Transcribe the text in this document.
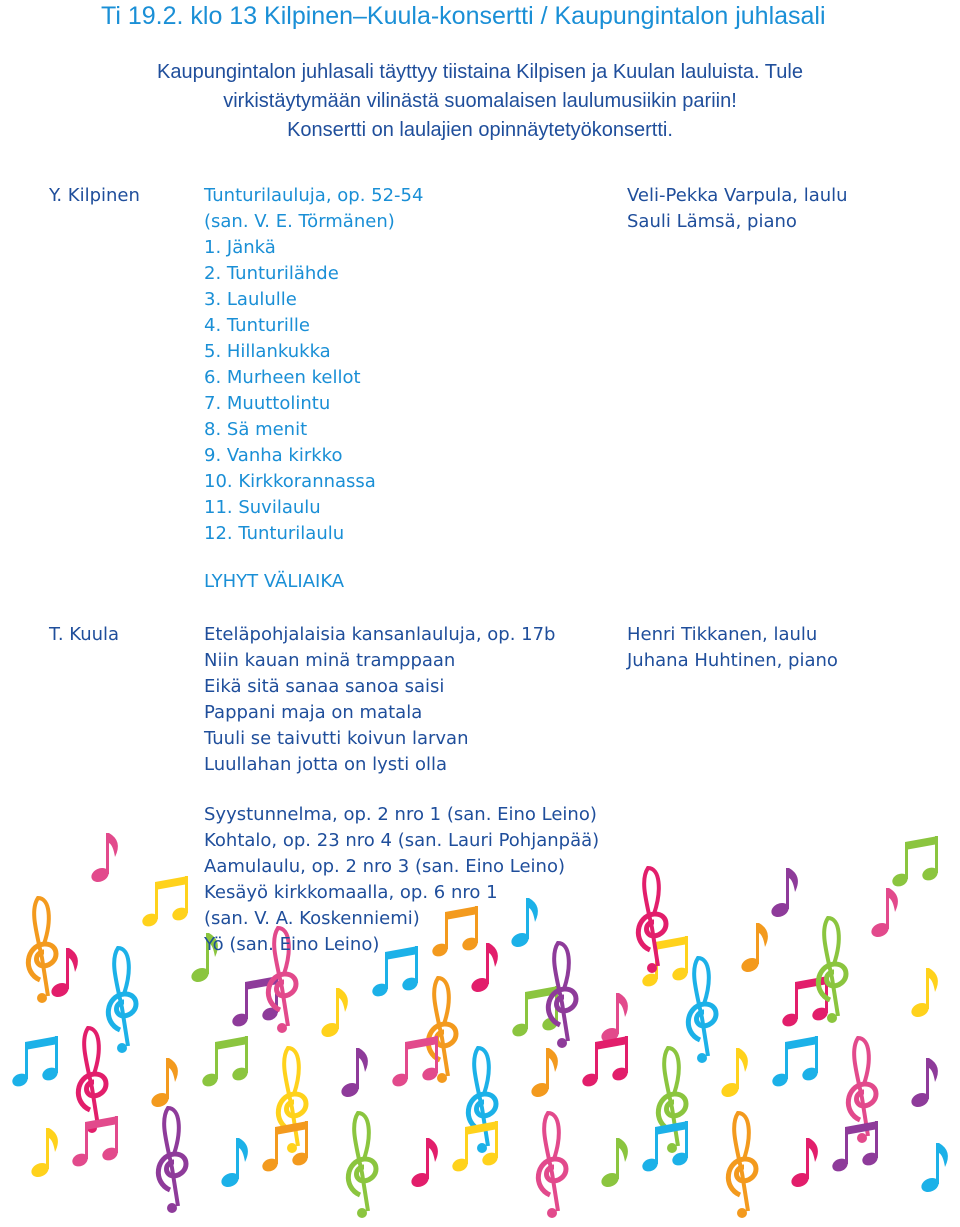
Ti 19.2. klo 13 Kilpinen–Kuula-konsertti / Kaupungintalon juhlasali
Kaupungintalon juhlasali täyttyy tiistaina Kilpisen ja Kuulan lauluista. Tule
virkistäytymään vilinästä suomalaisen laulumusiikin pariin!
Konsertti on laulajien opinnäytetyökonsertti.
Y. Kilpinen	Tunturilauluja, op. 52-54
(san. V. E. Törmänen)
1. Jänkä
2. Tunturilähde
3. Laululle
4. Tunturille
5. Hillankukka
6. Murheen kellot
7. Muuttolintu
8. Sä menit
9. Vanha kirkko
10. Kirkkorannassa
11. Suvilaulu
12. Tunturilaulu
Veli-Pekka Varpula, laulu
Sauli Lämsä, piano
LYHYT VÄLIAIKA
T. Kuula	Eteläpohjalaisia kansanlauluja, op. 17b
Niin kauan minä tramppaan
Eikä sitä sanaa sanoa saisi
Pappani maja on matala
Tuuli se taivutti koivun larvan
Luullahan jotta on lysti olla
Henri Tikkanen, laulu
Juhana Huhtinen, piano
Syystunnelma, op. 2 nro 1 (san. Eino Leino)
Kohtalo, op. 23 nro 4 (san. Lauri Pohjanpää)
Aamulaulu, op. 2 nro 3 (san. Eino Leino)
Kesäyö kirkkomaalla, op. 6 nro 1
(san. V. A. Koskenniemi)
Yö (san. Eino Leino)
